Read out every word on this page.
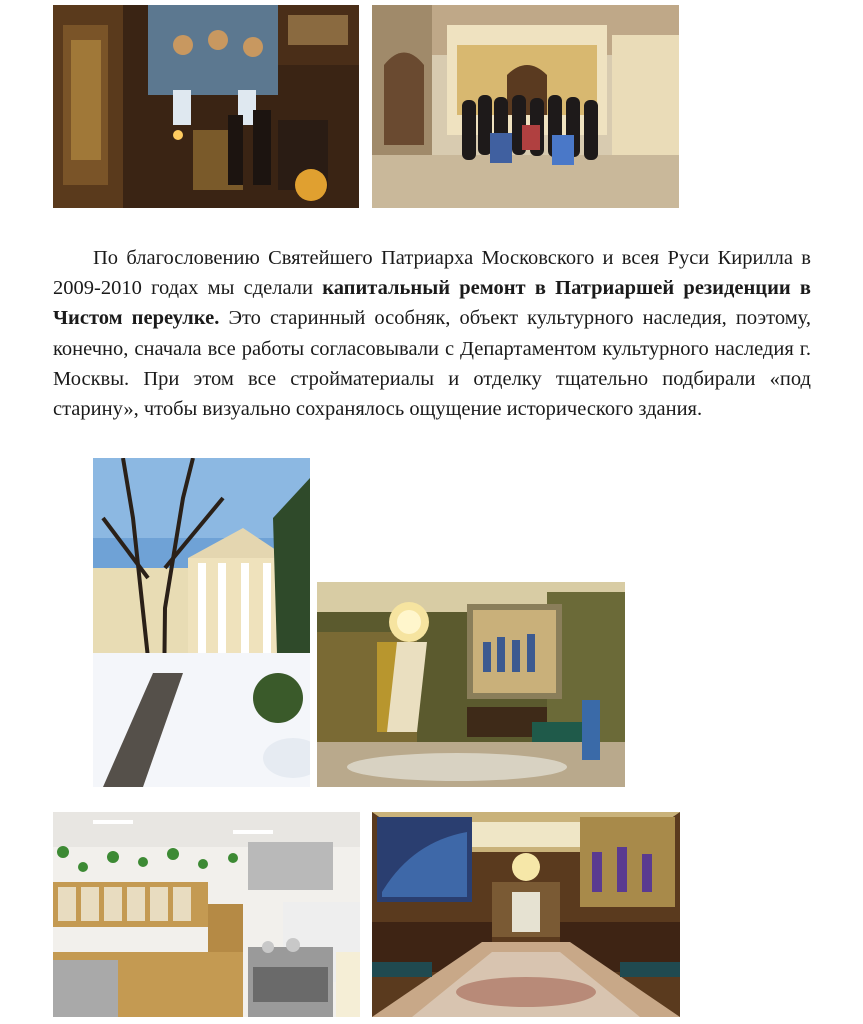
По благословению Святейшего Патриарха Московского и всея Руси Кирилла в 2009-2010 годах мы сделали капитальный ремонт в Патриаршей резиденции в Чистом переулке. Это старинный особняк, объект культурного наследия, поэтому, конечно, сначала все работы согласовывали с Департаментом культурного наследия г. Москвы. При этом все стройматериалы и отделку тщательно подбирали «под старину», чтобы визуально сохранялось ощущение исторического здания.
